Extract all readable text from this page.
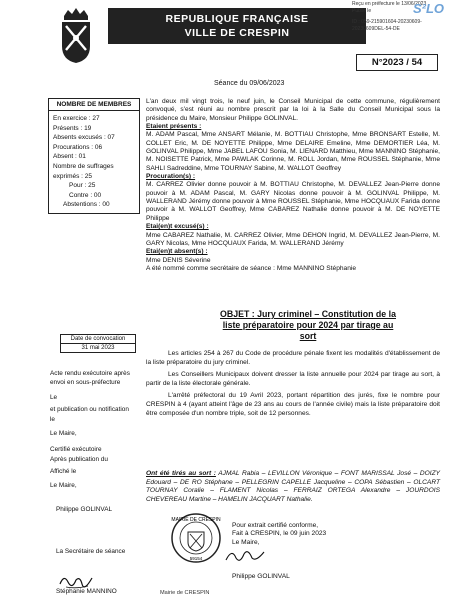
REPUBLIQUE FRANÇAISE
VILLE DE CRESPIN
Reçu en préfecture le 13/06/2023
Publié le
ID : 059-215901604-20230609-20230609DEL-54-DE
S²LO
N°2023 / 54
Séance du 09/06/2023
NOMBRE DE MEMBRES
En exercice : 27
Présents : 19
Absents excusés : 07
Procurations : 06
Absent : 01
Nombre de suffrages
exprimés : 25
Pour : 25
Contre : 00
Abstentions : 00
Date de convocation
31 mai 2023
Acte rendu exécutoire après envoi en sous-préfecture
Le
et publication ou notification
le
Le Maire,
Certifié exécutoire
Après publication du
Affiché le
Le Maire,
Philippe GOLINVAL
La Secrétaire de séance
Stéphanie MANNINO

L'an deux mil vingt trois, le neuf juin, le Conseil Municipal de cette commune, régulièrement convoqué, s'est réuni au nombre prescrit par la loi à la Salle du Conseil Municipal sous la présidence du Maire, Monsieur Philippe GOLINVAL.

Etaient présents :

M. ADAM Pascal, Mme ANSART Mélanie, M. BOTTIAU Christophe, Mme BRONSART Estelle, M. COLLET Eric, M. DE NOYETTE Philippe, Mme DELAIRE Emeline, Mme DEMORTIER Léa, M. GOLINVAL Philippe, Mme JABEL LAFOU Sonia, M. LIENARD Matthieu, Mme MANNINO Stéphanie, M. NOISETTE Patrick, Mme PAWLAK Corinne, M. ROLL Jordan, Mme ROUSSEL Stéphanie, Mme SAHLI Sadreddine, Mme TOURNAY Sabine, M. WALLOT Geoffrey

Procuration(s) :

M. CARREZ Olivier donne pouvoir à M. BOTTIAU Christophe, M. DEVALLEZ Jean-Pierre donne pouvoir à M. ADAM Pascal, M. GARY Nicolas donne pouvoir à M. GOLINVAL Philippe, M. WALLERAND Jérémy donne pouvoir à Mme ROUSSEL Stéphanie, Mme HOCQUAUX Farida donne pouvoir à M. WALLOT Geoffrey, Mme CABAREZ Nathalie donne pouvoir à M. DE NOYETTE Philippe

Etai(en)t excusé(s) :

Mme CABAREZ Nathalie, M. CARREZ Olivier, Mme DEHON Ingrid, M. DEVALLEZ Jean-Pierre, M. GARY Nicolas, Mme HOCQUAUX Farida, M. WALLERAND Jérémy

Etai(en)t absent(s) :

Mme DENIS Séverine

A été nommé comme secrétaire de séance : Mme MANNINO Stéphanie

OBJET : Jury criminel – Constitution de la liste préparatoire pour 2024 par tirage au sort

Les articles 254 à 267 du Code de procédure pénale fixent les modalités d'établissement de la liste préparatoire du jury criminel.

Les Conseillers Municipaux doivent dresser la liste annuelle pour 2024 par tirage au sort, à partir de la liste électorale générale.

L'arrêté préfectoral du 19 Avril 2023, portant répartition des jurés, fixe le nombre pour CRESPIN à 4 (ayant atteint l'âge de 23 ans au cours de l'année civile) mais la liste préparatoire doit être composée d'un nombre triple, soit de 12 personnes.

Ont été tirés au sort : AJMAL Rabia – LEVILLON Véronique – FONT MARISSAL José – DOIZY Edouard – DE RO Stéphane – PELLEGRIN CAPELLE Jacqueline – COPA Sébastien – OLCART TOURNAY Coralie – FLAMENT Nicolas – FERRAIZ ORTEGA Alexandre – JOURDOIS CHEVEREAU Martine – HAMELIN JACQUART Nathalie.
MAIRIE DE CRESPIN
59154
Pour extrait certifié conforme,
Fait à CRESPIN, le 09 juin 2023
Le Maire,
Philippe GOLINVAL
Mairie de CRESPIN
